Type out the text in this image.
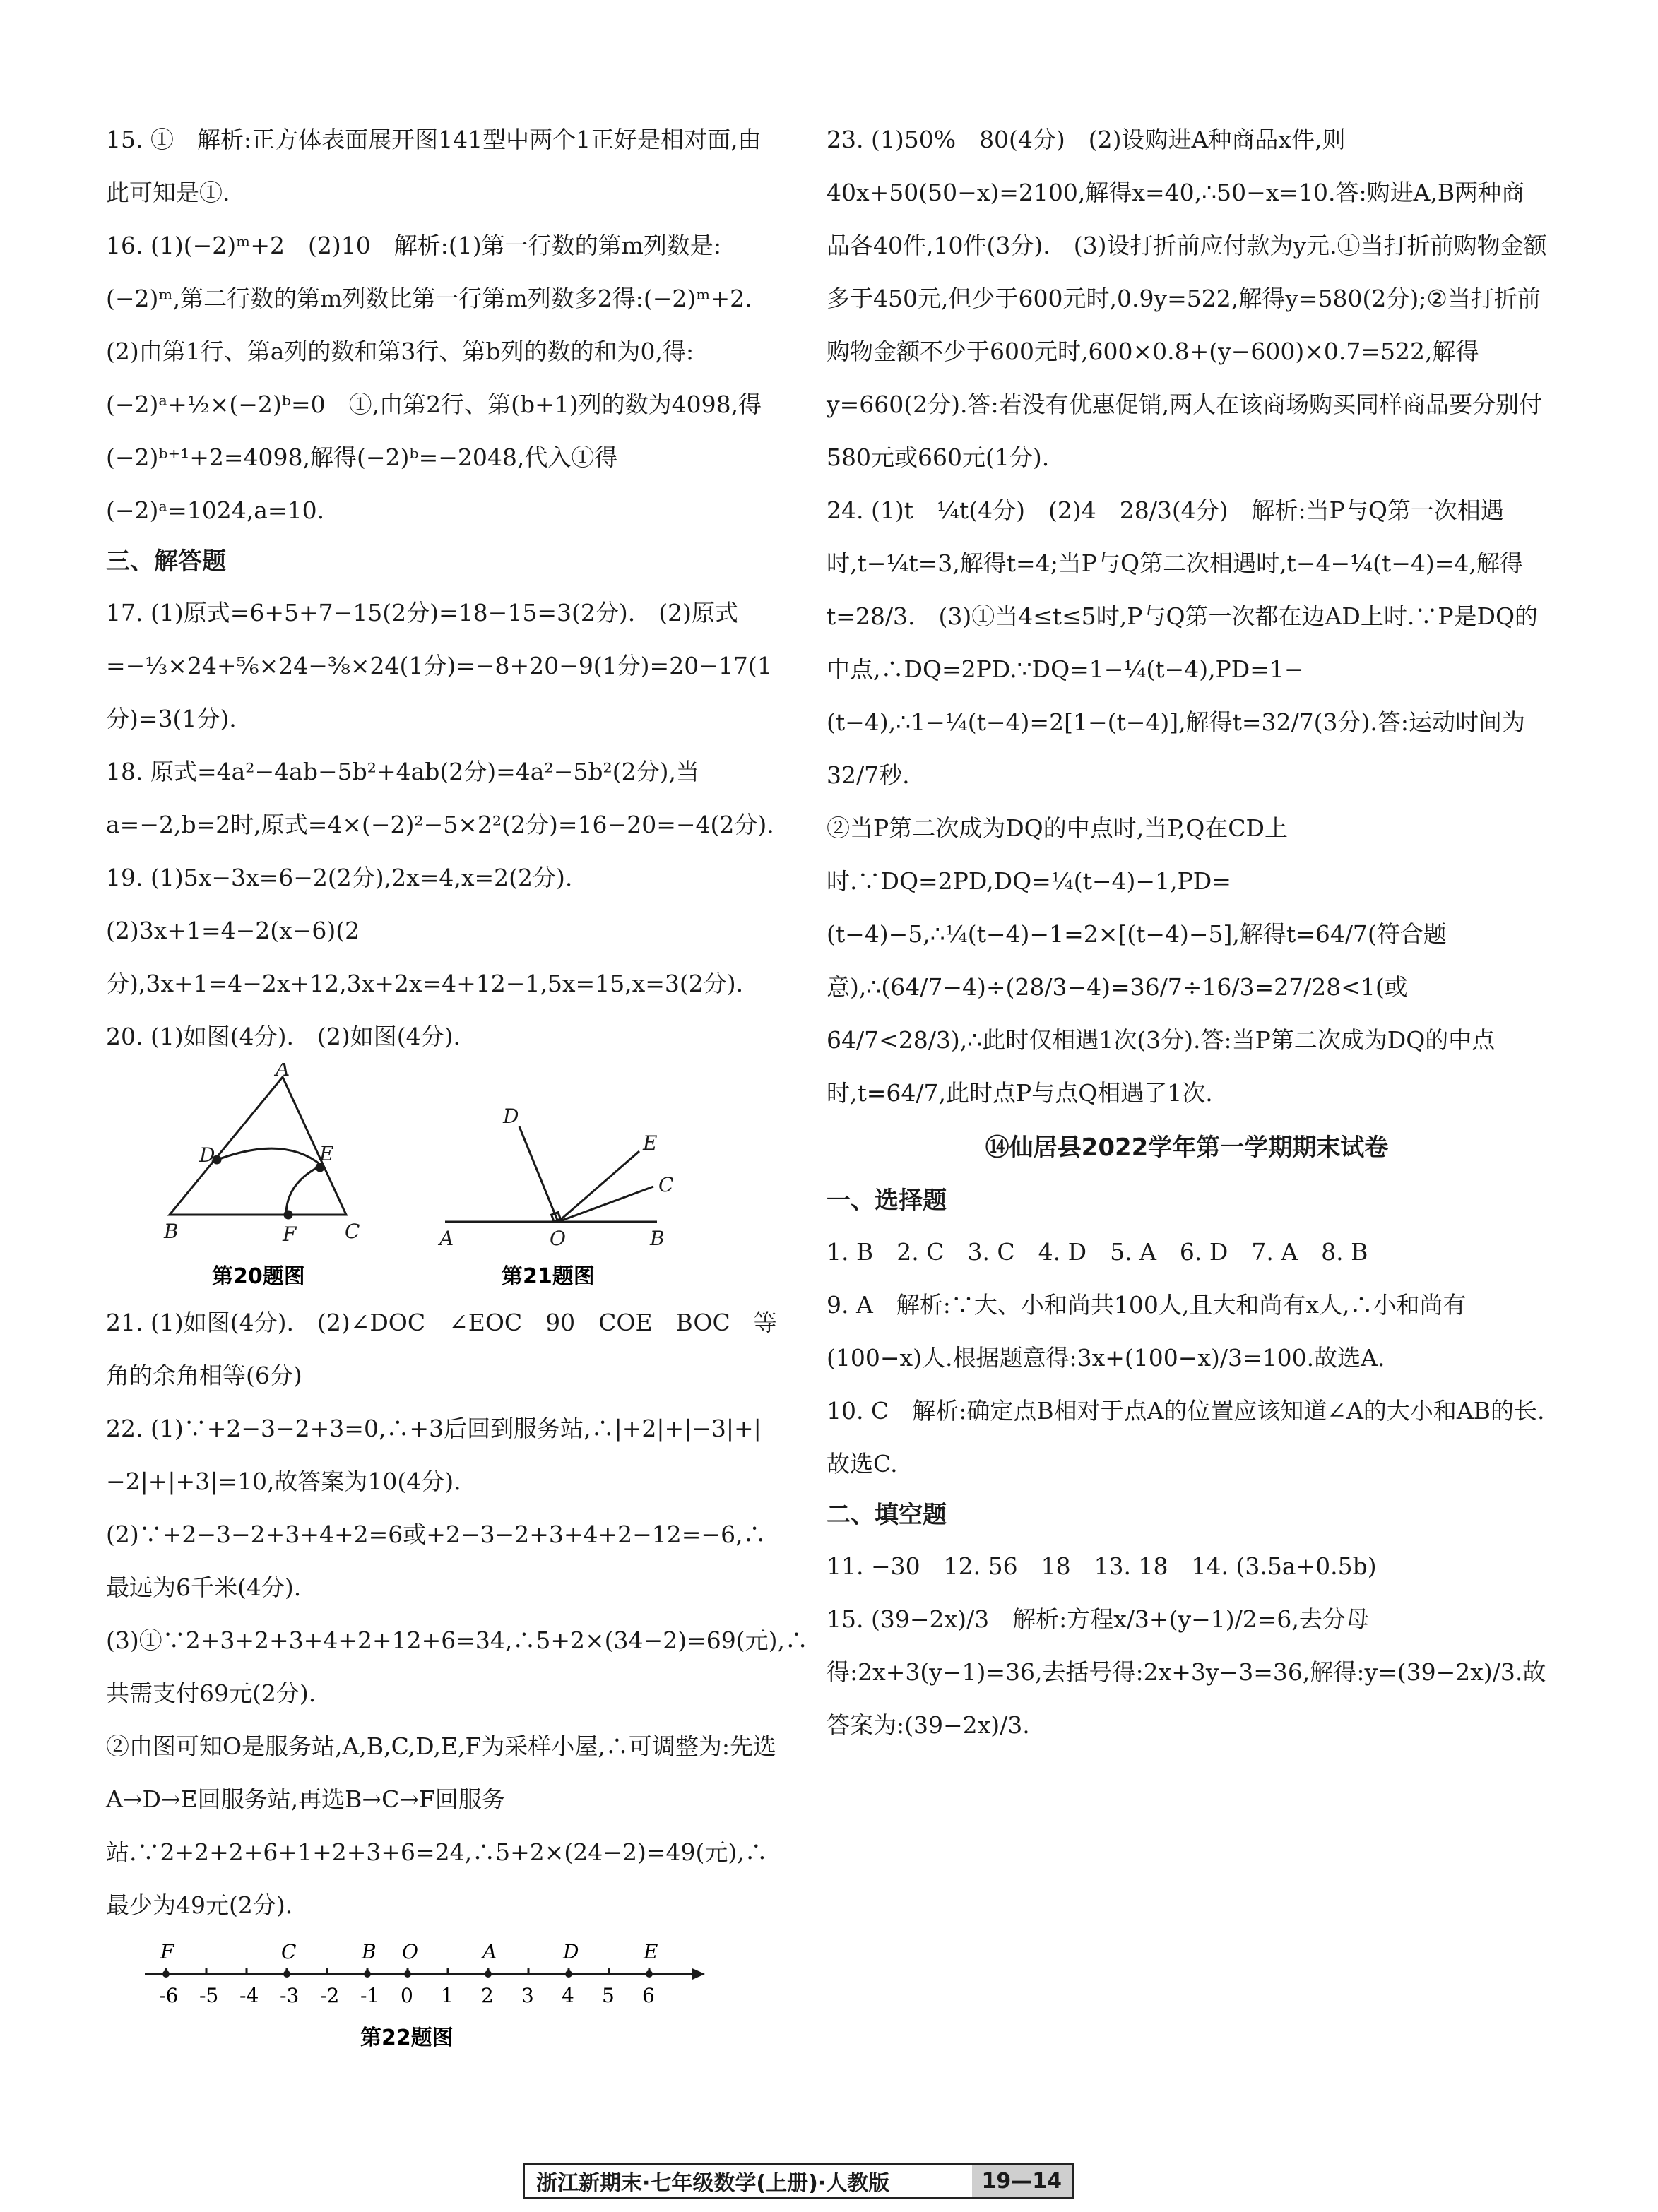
15. ①　解析:正方体表面展开图141型中两个1正好是相对面,由此可知是①.

16. (1)(−2)ᵐ+2　(2)10　解析:(1)第一行数的第m列数是:(−2)ᵐ,第二行数的第m列数比第一行第m列数多2得:(−2)ᵐ+2.(2)由第1行、第a列的数和第3行、第b列的数的和为0,得:(−2)ᵃ+½×(−2)ᵇ=0　①,由第2行、第(b+1)列的数为4098,得(−2)ᵇ⁺¹+2=4098,解得(−2)ᵇ=−2048,代入①得(−2)ᵃ=1024,a=10.

三、解答题

17. (1)原式=6+5+7−15(2分)=18−15=3(2分).　(2)原式=−⅓×24+⅚×24−⅜×24(1分)=−8+20−9(1分)=20−17(1分)=3(1分).

18. 原式=4a²−4ab−5b²+4ab(2分)=4a²−5b²(2分),当a=−2,b=2时,原式=4×(−2)²−5×2²(2分)=16−20=−4(2分).

19. (1)5x−3x=6−2(2分),2x=4,x=2(2分).　(2)3x+1=4−2(x−6)(2分),3x+1=4−2x+12,3x+2x=4+12−1,5x=15,x=3(2分).

20. (1)如图(4分).　(2)如图(4分).

A
D	E
B	F C
D
E
C
A	O	B
第20题图	第21题图

21. (1)如图(4分).　(2)∠DOC　∠EOC　90　COE　BOC　等角的余角相等(6分)

22. (1)∵+2−3−2+3=0,∴+3后回到服务站,∴|+2|+|−3|+|−2|+|+3|=10,故答案为10(4分).　(2)∵+2−3−2+3+4+2=6或+2−3−2+3+4+2−12=−6,∴最远为6千米(4分).　(3)①∵2+3+2+3+4+2+12+6=34,∴5+2×(34−2)=69(元),∴共需支付69元(2分).

②由图可知O是服务站,A,B,C,D,E,F为采样小屋,∴可调整为:先选A→D→E回服务站,再选B→C→F回服务站.∵2+2+2+6+1+2+3+6=24,∴5+2×(24−2)=49(元),∴最少为49元(2分).

第22题图
-6 -5 -4 -3 -2 -1 0 1 2 3 4 5 6
F	C	B O	A	D	E

23. (1)50%　80(4分)　(2)设购进A种商品x件,则40x+50(50−x)=2100,解得x=40,∴50−x=10.答:购进A,B两种商品各40件,10件(3分).　(3)设打折前应付款为y元.①当打折前购物金额多于450元,但少于600元时,0.9y=522,解得y=580(2分);②当打折前购物金额不少于600元时,600×0.8+(y−600)×0.7=522,解得y=660(2分).答:若没有优惠促销,两人在该商场购买同样商品要分别付580元或660元(1分).

24. (1)t　¼t(4分)　(2)4　28/3(4分)　解析:当P与Q第一次相遇时,t−¼t=3,解得t=4;当P与Q第二次相遇时,t−4−¼(t−4)=4,解得t=28/3.　(3)①当4≤t≤5时,P与Q第一次都在边AD上时.∵P是DQ的中点,∴DQ=2PD.∵DQ=1−¼(t−4),PD=1−(t−4),∴1−¼(t−4)=2[1−(t−4)],解得t=32/7(3分).答:运动时间为32/7秒.

②当P第二次成为DQ的中点时,当P,Q在CD上时.∵DQ=2PD,DQ=¼(t−4)−1,PD=(t−4)−5,∴¼(t−4)−1=2×[(t−4)−5],解得t=64/7(符合题意),∴(64/7−4)÷(28/3−4)=36/7÷16/3=27/28<1(或64/7<28/3),∴此时仅相遇1次(3分).答:当P第二次成为DQ的中点时,t=64/7,此时点P与点Q相遇了1次.

⑭仙居县2022学年第一学期期末试卷
一、选择题

1. B　2. C　3. C　4. D　5. A　6. D　7. A　8. B

9. A　解析:∵大、小和尚共100人,且大和尚有x人,∴小和尚有(100−x)人.根据题意得:3x+(100−x)/3=100.故选A.

10. C　解析:确定点B相对于点A的位置应该知道∠A的大小和AB的长.故选C.

二、填空题

11. −30　12. 56　18　13. 18　14. (3.5a+0.5b)

15. (39−2x)/3　解析:方程x/3+(y−1)/2=6,去分母得:2x+3(y−1)=36,去括号得:2x+3y−3=36,解得:y=(39−2x)/3.故答案为:(39−2x)/3.

浙江新期末·七年级数学(上册)·人教版	19—14
